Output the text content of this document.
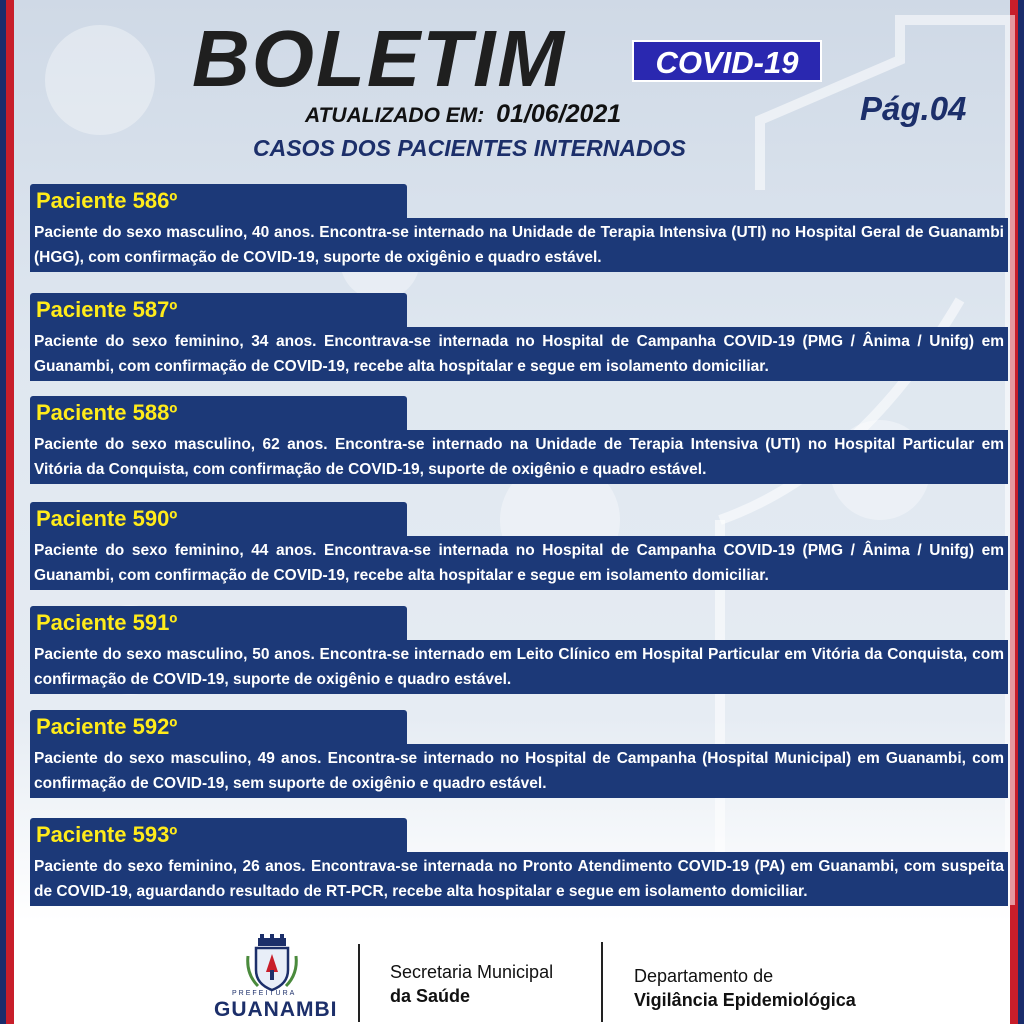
BOLETIM	COVID-19
ATUALIZADO EM: 01/06/2021	Pág.04
CASOS DOS PACIENTES INTERNADOS
Paciente 586º
Paciente do sexo masculino, 40 anos. Encontra-se internado na Unidade de Terapia Intensiva (UTI) no Hospital Geral de Guanambi (HGG), com confirmação de COVID-19, suporte de oxigênio e quadro estável.
Paciente 587º
Paciente do sexo feminino, 34 anos. Encontrava-se internada no Hospital de Campanha COVID-19 (PMG / Ânima / Unifg) em Guanambi, com confirmação de COVID-19, recebe alta hospitalar e segue em isolamento domiciliar.
Paciente 588º
Paciente do sexo masculino, 62 anos. Encontra-se internado na Unidade de Terapia Intensiva (UTI) no Hospital Particular em Vitória da Conquista, com confirmação de COVID-19, suporte de oxigênio e quadro estável.
Paciente 590º
Paciente do sexo feminino, 44 anos. Encontrava-se internada no Hospital de Campanha COVID-19 (PMG / Ânima / Unifg) em Guanambi, com confirmação de COVID-19, recebe alta hospitalar e segue em isolamento domiciliar.
Paciente 591º
Paciente do sexo masculino, 50 anos. Encontra-se internado em Leito Clínico em Hospital Particular em Vitória da Conquista, com confirmação de COVID-19, suporte de oxigênio e quadro estável.
Paciente 592º
Paciente do sexo masculino, 49 anos. Encontra-se internado no Hospital de Campanha (Hospital Municipal) em Guanambi, com confirmação de COVID-19, sem suporte de oxigênio e quadro estável.
Paciente 593º
Paciente do sexo feminino, 26 anos. Encontrava-se internada no Pronto Atendimento COVID-19 (PA) em Guanambi, com suspeita de COVID-19, aguardando resultado de RT-PCR, recebe alta hospitalar e segue em isolamento domiciliar.
PREFEITURA
GUANAMBI
Secretaria Municipal
da Saúde
Departamento de
Vigilância Epidemiológica
